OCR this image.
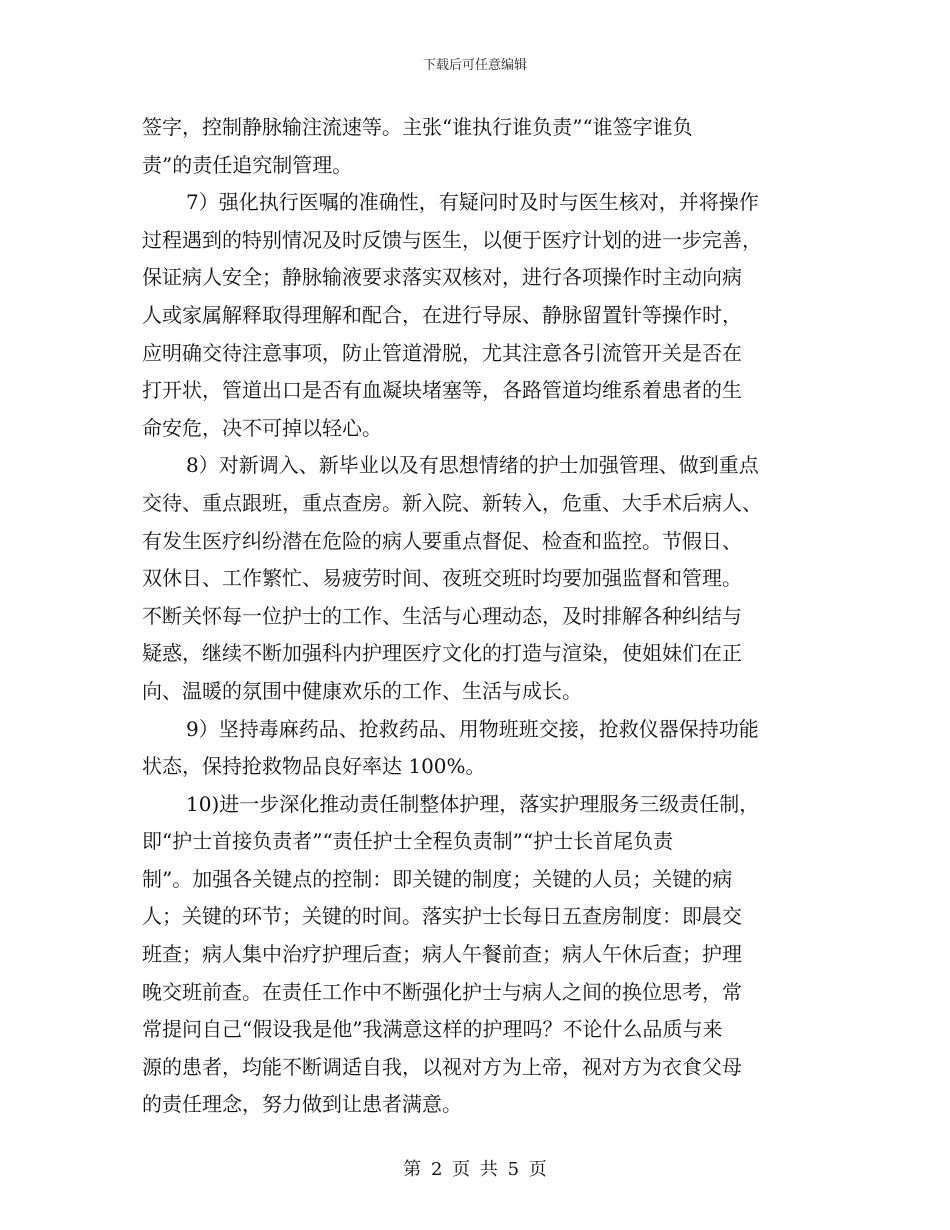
下载后可任意编辑
签字，控制静脉输注流速等。主张“谁执行谁负责”“谁签字谁负
责”的责任追究制管理。
7）强化执行医嘱的准确性，有疑问时及时与医生核对，并将操作
过程遇到的特别情况及时反馈与医生，以便于医疗计划的进一步完善，
保证病人安全；静脉输液要求落实双核对，进行各项操作时主动向病
人或家属解释取得理解和配合，在进行导尿、静脉留置针等操作时，
应明确交待注意事项，防止管道滑脱，尤其注意各引流管开关是否在
打开状，管道出口是否有血凝块堵塞等，各路管道均维系着患者的生
命安危，决不可掉以轻心。
8）对新调入、新毕业以及有思想情绪的护士加强管理、做到重点
交待、重点跟班，重点查房。新入院、新转入，危重、大手术后病人、
有发生医疗纠纷潜在危险的病人要重点督促、检查和监控。节假日、
双休日、工作繁忙、易疲劳时间、夜班交班时均要加强监督和管理。
不断关怀每一位护士的工作、生活与心理动态，及时排解各种纠结与
疑惑，继续不断加强科内护理医疗文化的打造与渲染，使姐妹们在正
向、温暖的氛围中健康欢乐的工作、生活与成长。
9）坚持毒麻药品、抢救药品、用物班班交接，抢救仪器保持功能
状态，保持抢救物品良好率达 100%。
10)进一步深化推动责任制整体护理，落实护理服务三级责任制，
即“护士首接负责者”“责任护士全程负责制”“护士长首尾负责
制”。加强各关键点的控制：即关键的制度；关键的人员；关键的病
人；关键的环节；关键的时间。落实护士长每日五查房制度：即晨交
班查；病人集中治疗护理后查；病人午餐前查；病人午休后查；护理
晚交班前查。在责任工作中不断强化护士与病人之间的换位思考，常
常提问自己“假设我是他”我满意这样的护理吗？不论什么品质与来
源的患者，均能不断调适自我，以视对方为上帝，视对方为衣食父母
的责任理念，努力做到让患者满意。
第 2 页 共 5 页
